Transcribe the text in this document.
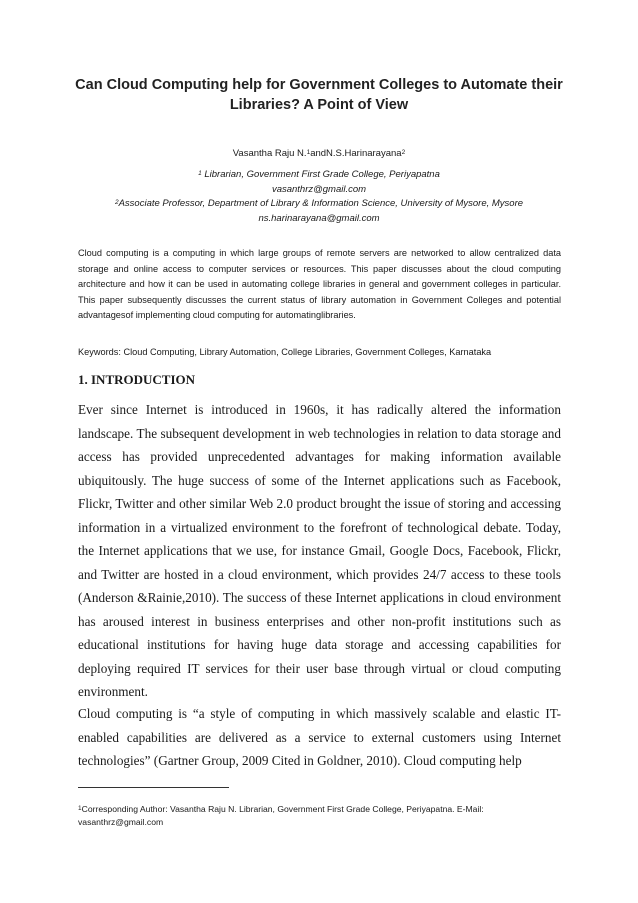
Can Cloud Computing help for Government Colleges to Automate their Libraries? A Point of View
Vasantha Raju N.$^1$andN.S.Harinarayana$^2$
$^1$ Librarian, Government First Grade College, Periyapatna
vasanthrz@gmail.com
$^2$Associate Professor, Department of Library & Information Science, University of Mysore, Mysore
ns.harinarayana@gmail.com
Cloud computing is a computing in which large groups of remote servers are networked to allow centralized data storage and online access to computer services or resources. This paper discusses about the cloud computing architecture and how it can be used in automating college libraries in general and government colleges in particular. This paper subsequently discusses the current status of library automation in Government Colleges and potential advantagesof implementing cloud computing for automatinglibraries.
Keywords: Cloud Computing, Library Automation, College Libraries, Government Colleges, Karnataka
1. INTRODUCTION
Ever since Internet is introduced in 1960s, it has radically altered the information landscape. The subsequent development in web technologies in relation to data storage and access has provided unprecedented advantages for making information available ubiquitously. The huge success of some of the Internet applications such as Facebook, Flickr, Twitter and other similar Web 2.0 product brought the issue of storing and accessing information in a virtualized environment to the forefront of technological debate. Today, the Internet applications that we use, for instance Gmail, Google Docs, Facebook, Flickr, and Twitter are hosted in a cloud environment, which provides 24/7 access to these tools (Anderson &Rainie,2010). The success of these Internet applications in cloud environment has aroused interest in business enterprises and other non-profit institutions such as educational institutions for having huge data storage and accessing capabilities for deploying required IT services for their user base through virtual or cloud computing environment.
Cloud computing is “a style of computing in which massively scalable and elastic IT-enabled capabilities are delivered as a service to external customers using Internet technologies” (Gartner Group, 2009 Cited in Goldner, 2010). Cloud computing help
$^1$Corresponding Author: Vasantha Raju N. Librarian, Government First Grade College, Periyapatna. E-Mail: vasanthrz@gmail.com
